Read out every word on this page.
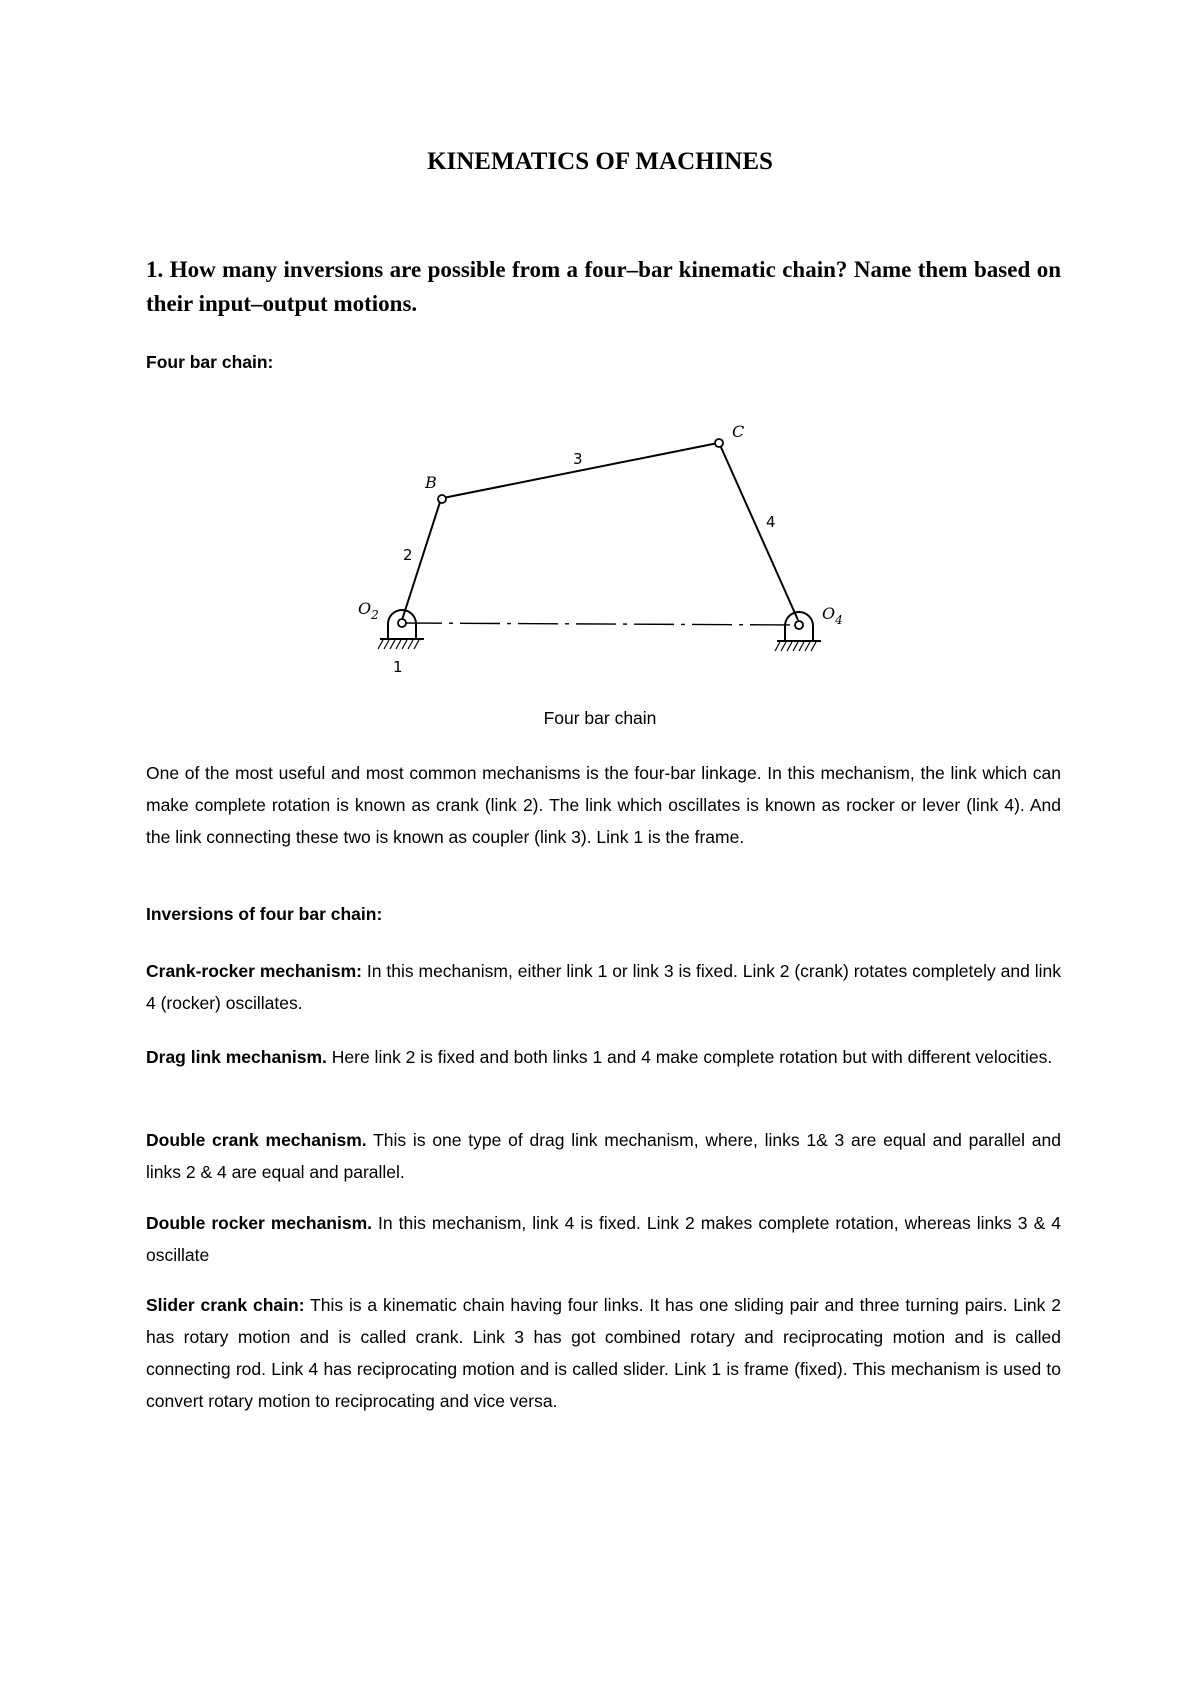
KINEMATICS OF MACHINES
1. How many inversions are possible from a four–bar kinematic chain? Name them based on their input–output motions.
Four bar chain:
B
C
$O_2$	$O_4$
1
2
3
4
Four bar chain
One of the most useful and most common mechanisms is the four-bar linkage. In this mechanism, the link which can make complete rotation is known as crank (link 2). The link which oscillates is known as rocker or lever (link 4). And the link connecting these two is known as coupler (link 3). Link 1 is the frame.
Inversions of four bar chain:
Crank-rocker mechanism: In this mechanism, either link 1 or link 3 is fixed. Link 2 (crank) rotates completely and link 4 (rocker) oscillates.
Drag link mechanism. Here link 2 is fixed and both links 1 and 4 make complete rotation but with different velocities.
Double crank mechanism. This is one type of drag link mechanism, where, links 1& 3 are equal and parallel and links 2 & 4 are equal and parallel.
Double rocker mechanism. In this mechanism, link 4 is fixed. Link 2 makes complete rotation, whereas links 3 & 4 oscillate
Slider crank chain: This is a kinematic chain having four links. It has one sliding pair and three turning pairs. Link 2 has rotary motion and is called crank. Link 3 has got combined rotary and reciprocating motion and is called connecting rod. Link 4 has reciprocating motion and is called slider. Link 1 is frame (fixed). This mechanism is used to convert rotary motion to reciprocating and vice versa.
